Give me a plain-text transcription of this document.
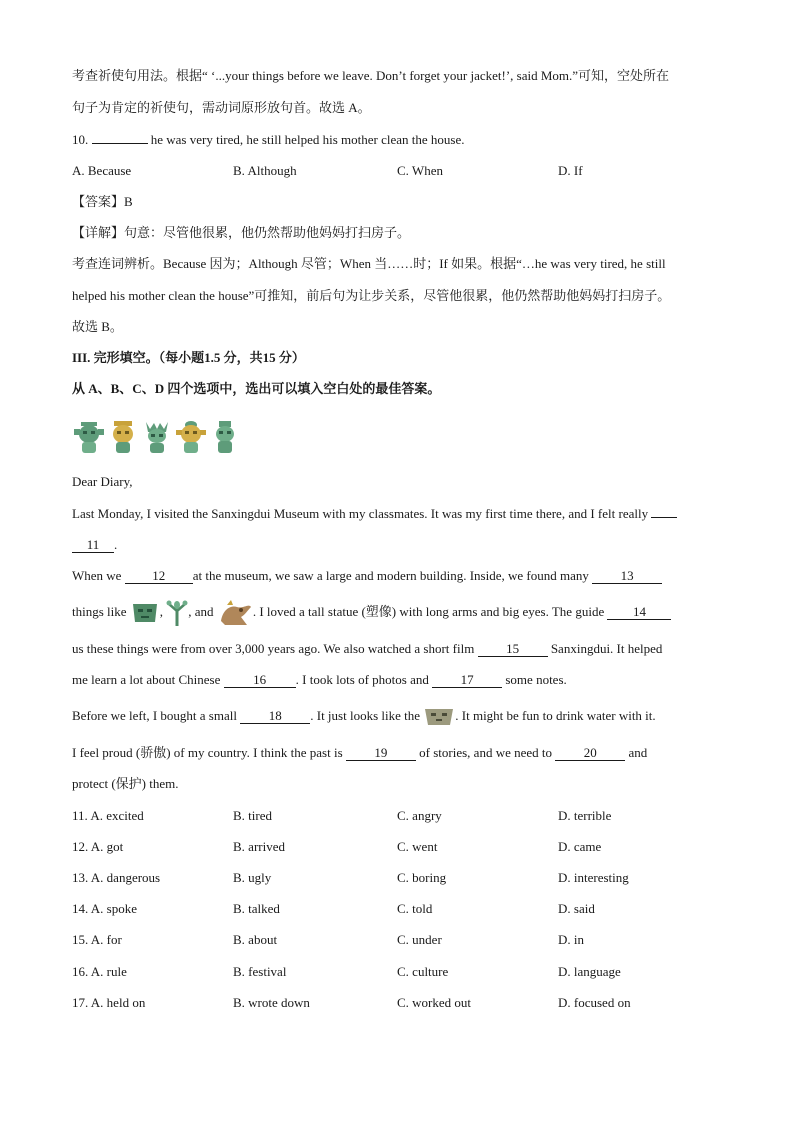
考查祈使句用法。根据“ ‘...your things before we leave. Don’t forget your jacket!’, said Mom.”可知，空处所在
句子为肯定的祈使句，需动词原形放句首。故选 A。
10.	he was very tired, he still helped his mother clean the house.
A. Because	B. Although	C. When	D. If
【答案】B
【详解】句意：尽管他很累，他仍然帮助他妈妈打扫房子。
考查连词辨析。Because 因为；Although 尽管；When 当……时；If 如果。根据“…he was very tired, he still
helped his mother clean the house”可推知，前后句为让步关系，尽管他很累，他仍然帮助他妈妈打扫房子。
故选 B。
III. 完形填空。（每小题1.5 分，共15 分）
从 A、B、C、D 四个选项中，选出可以填入空白处的最佳答案。
Dear Diary,
Last Monday, I visited the Sanxingdui Museum with my classmates. It was my first time there, and I felt really
11 .
When we 12 at the museum, we saw a large and modern building. Inside, we found many 13
things like	, , and	. I loved a tall statue (塑像) with long arms and big eyes. The guide 14
us these things were from over 3,000 years ago. We also watched a short film 15 Sanxingdui. It helped
me learn a lot about Chinese	16 . I took lots of photos and 17 some notes.
Before we left, I bought a small 18 . It just looks like the	. It might be fun to drink water with it.
I feel proud (骄傲) of my country. I think the past is 19 of stories, and we need to 20 and
protect (保护) them.
11. A. excited	B. tired	C. angry	D. terrible
12. A. got	B. arrived	C. went	D. came
13. A. dangerous	B. ugly	C. boring	D. interesting
14. A. spoke	B. talked	C. told	D. said
15. A. for	B. about	C. under	D. in
16. A. rule	B. festival	C. culture	D. language
17. A. held on	B. wrote down	C. worked out	D. focused on
